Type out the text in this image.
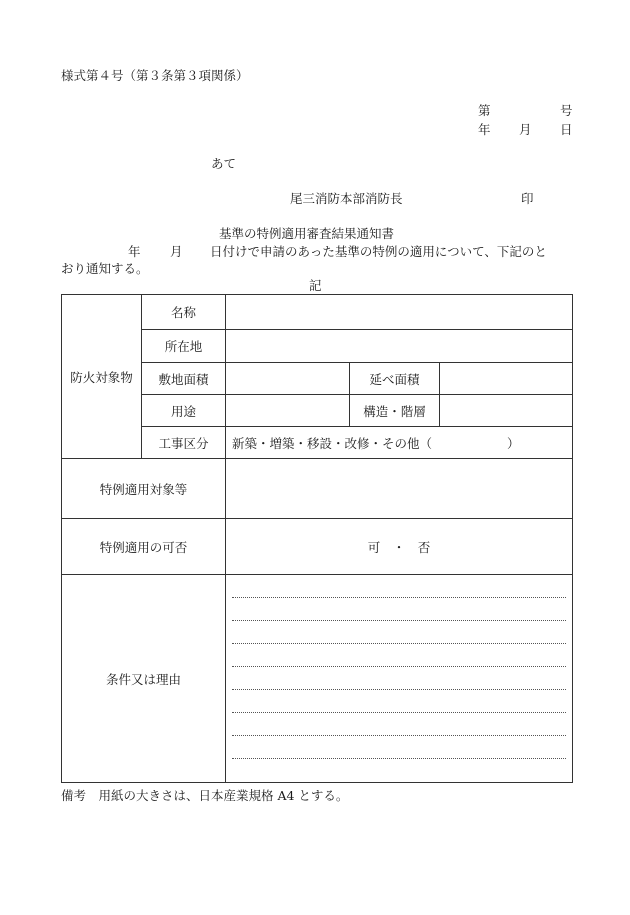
様式第４号（第３条第３項関係）
第	号
年 月 日
あて
尾三消防本部消防長	印
基準の特例適用審査結果通知書
年 月 日付けで申請のあった基準の特例の適用について、下記のと
おり通知する。
記
防火対象物	名称			
	所在地			
	敷地面積		延べ面積	
	用途		構造・階層	
	工事区分	新築・増築・移設・改修・その他（　　　　　　）		
特例適用対象等				
特例適用の可否		可　・　否		
条件又は理由				
備考　用紙の大きさは、日本産業規格 A4 とする。
